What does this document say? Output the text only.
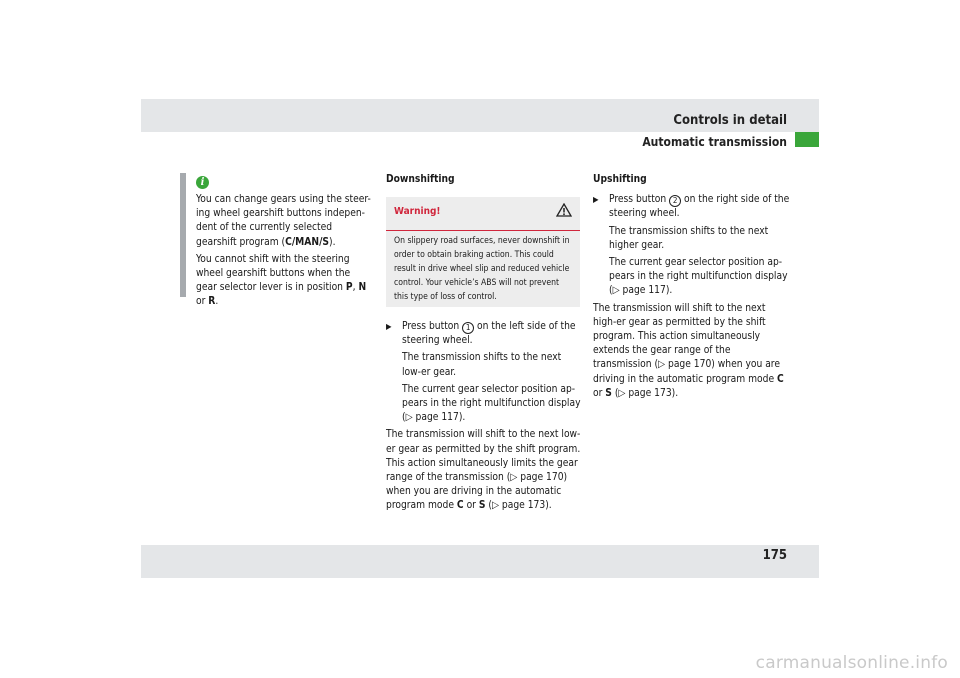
Controls in detail
Automatic transmission
i

You can change gears using the steer-ing wheel gearshift buttons indepen-dent of the currently selected gearshift program (C/MAN/S).

You cannot shift with the steering wheel gearshift buttons when the gear selector lever is in position P, N or R.

Downshifting

Warning!
On slippery road surfaces, never downshift in order to obtain braking action. This could result in drive wheel slip and reduced vehicle control. Your vehicle’s ABS will not prevent this type of loss of control.

▶ Press button 1 on the left side of the steering wheel.

The transmission shifts to the next low-er gear.

The current gear selector position ap-pears in the right multifunction display (▷ page 117).

The transmission will shift to the next low-er gear as permitted by the shift program. This action simultaneously limits the gear range of the transmission (▷ page 170) when you are driving in the automatic program mode C or S (▷ page 173).

Upshifting

▶ Press button 2 on the right side of the steering wheel.

The transmission shifts to the next higher gear.

The current gear selector position ap-pears in the right multifunction display (▷ page 117).

The transmission will shift to the next high-er gear as permitted by the shift program. This action simultaneously extends the gear range of the transmission (▷ page 170) when you are driving in the automatic program mode C or S (▷ page 173).

175
carmanualsonline.info
